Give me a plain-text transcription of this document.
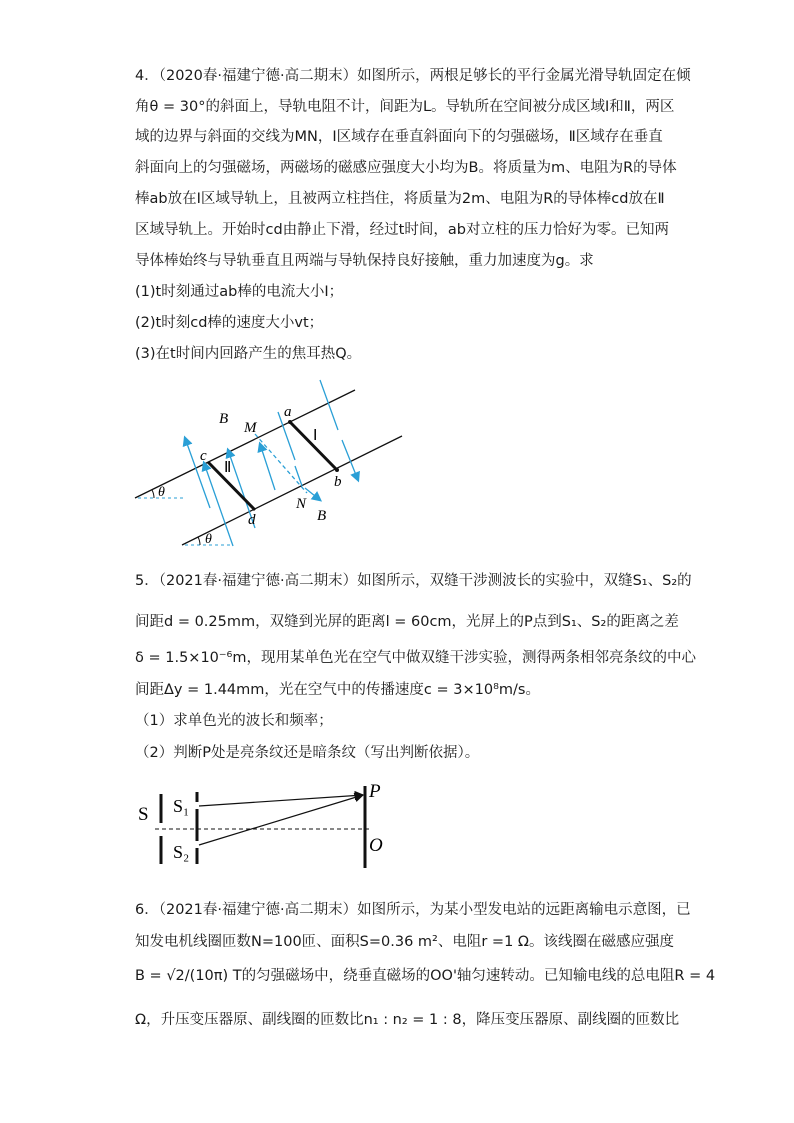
4．（2020春·福建宁德·高二期末）如图所示，两根足够长的平行金属光滑导轨固定在倾
角θ = 30°的斜面上，导轨电阻不计，间距为L。导轨所在空间被分成区域Ⅰ和Ⅱ，两区
域的边界与斜面的交线为MN，Ⅰ区域存在垂直斜面向下的匀强磁场，Ⅱ区域存在垂直
斜面向上的匀强磁场，两磁场的磁感应强度大小均为B。将质量为m、电阻为R的导体
棒ab放在Ⅰ区域导轨上，且被两立柱挡住，将质量为2m、电阻为R的导体棒cd放在Ⅱ
区域导轨上。开始时cd由静止下滑，经过t时间，ab对立柱的压力恰好为零。已知两
导体棒始终与导轨垂直且两端与导轨保持良好接触，重力加速度为g。求
(1)t时刻通过ab棒的电流大小I；
(2)t时刻cd棒的速度大小vt；
(3)在t时间内回路产生的焦耳热Q。
B
M
a
Ⅰ
c
Ⅱ
b
N
B
d
θ
θ
5．（2021春·福建宁德·高二期末）如图所示，双缝干涉测波长的实验中，双缝S₁、S₂的
间距d = 0.25mm，双缝到光屏的距离l = 60cm，光屏上的P点到S₁、S₂的距离之差
δ = 1.5×10⁻⁶m，现用某单色光在空气中做双缝干涉实验，测得两条相邻亮条纹的中心
间距Δy = 1.44mm，光在空气中的传播速度c = 3×10⁸m/s。
（1）求单色光的波长和频率；
（2）判断P处是亮条纹还是暗条纹（写出判断依据）。
S S₁
S₂
P
O
6．（2021春·福建宁德·高二期末）如图所示，为某小型发电站的远距离输电示意图，已
知发电机线圈匝数N=100匝、面积S=0.36 m²、电阻r =1 Ω。该线圈在磁感应强度
B = √2/(10π) T的匀强磁场中，绕垂直磁场的OO'轴匀速转动。已知输电线的总电阻R = 4
Ω，升压变压器原、副线圈的匝数比n₁ : n₂ = 1 : 8，降压变压器原、副线圈的匝数比
